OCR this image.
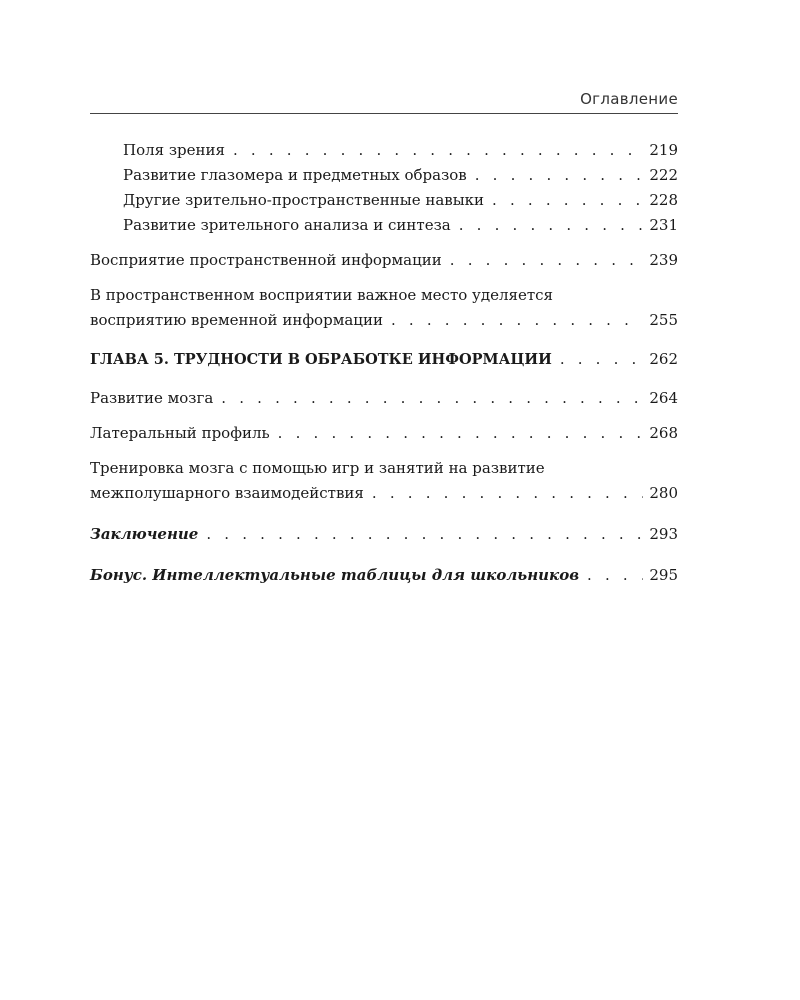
Оглавление
Поля зрения . . .	219
Развитие глазомера и предметных образов . . .	222
Другие зрительно-пространственные навыки . . .	228
Развитие зрительного анализа и синтеза . . .	231
Восприятие пространственной информации . . .	239
В пространственном восприятии важное место уделяется
восприятию временной информации . . .	255
ГЛАВА 5. ТРУДНОСТИ В ОБРАБОТКЕ ИНФОРМАЦИИ . . .	262
Развитие мозга . . .	264
Латеральный профиль . . .	268
Тренировка мозга с помощью игр и занятий на развитие
межполушарного взаимодействия . . .	280
Заключение . . .	293
Бонус. Интеллектуальные таблицы для школьников . . .	295
